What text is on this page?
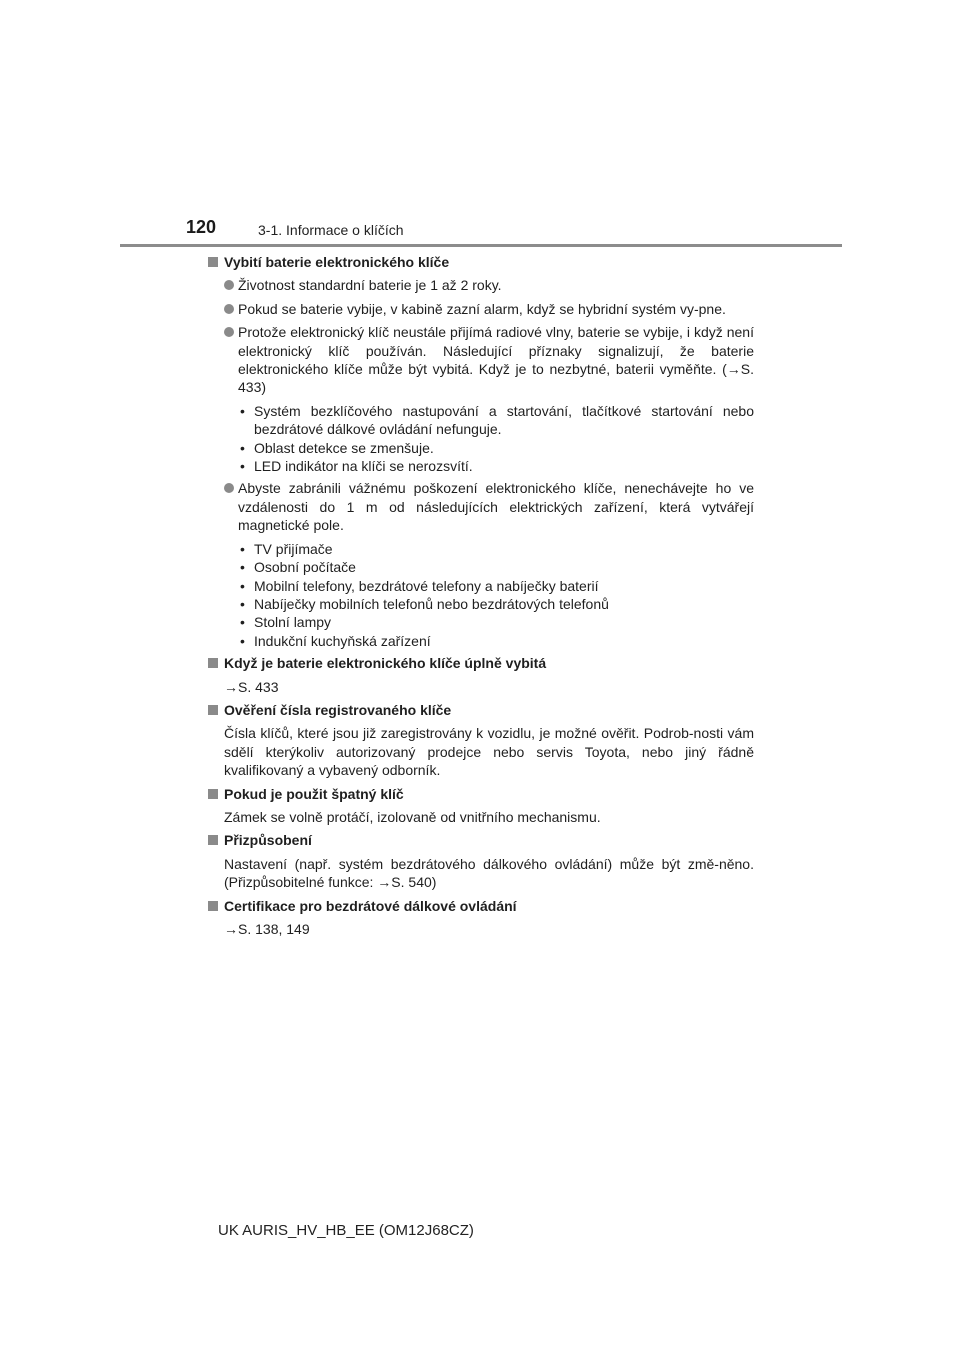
120	3-1. Informace o klíčích
Vybití baterie elektronického klíče
Životnost standardní baterie je 1 až 2 roky.
Pokud se baterie vybije, v kabině zazní alarm, když se hybridní systém vy-pne.
Protože elektronický klíč neustále přijímá radiové vlny, baterie se vybije, i když není elektronický klíč používán. Následující příznaky signalizují, že baterie elektronického klíče může být vybitá. Když je to nezbytné, baterii vyměňte. (→S. 433)
• Systém bezklíčového nastupování a startování, tlačítkové startování nebo bezdrátové dálkové ovládání nefunguje.
• Oblast detekce se zmenšuje.
• LED indikátor na klíči se nerozsvítí.
Abyste zabránili vážnému poškození elektronického klíče, nenechávejte ho ve vzdálenosti do 1 m od následujících elektrických zařízení, která vytvářejí magnetické pole.
• TV přijímače
• Osobní počítače
• Mobilní telefony, bezdrátové telefony a nabíječky baterií
• Nabíječky mobilních telefonů nebo bezdrátových telefonů
• Stolní lampy
• Indukční kuchyňská zařízení
Když je baterie elektronického klíče úplně vybitá
→S. 433
Ověření čísla registrovaného klíče
Čísla klíčů, které jsou již zaregistrovány k vozidlu, je možné ověřit. Podrob-nosti vám sdělí kterýkoliv autorizovaný prodejce nebo servis Toyota, nebo jiný řádně kvalifikovaný a vybavený odborník.
Pokud je použit špatný klíč
Zámek se volně protáčí, izolovaně od vnitřního mechanismu.
Přizpůsobení
Nastavení (např. systém bezdrátového dálkového ovládání) může být změ-něno. (Přizpůsobitelné funkce: →S. 540)
Certifikace pro bezdrátové dálkové ovládání
→S. 138, 149
UK AURIS_HV_HB_EE (OM12J68CZ)
